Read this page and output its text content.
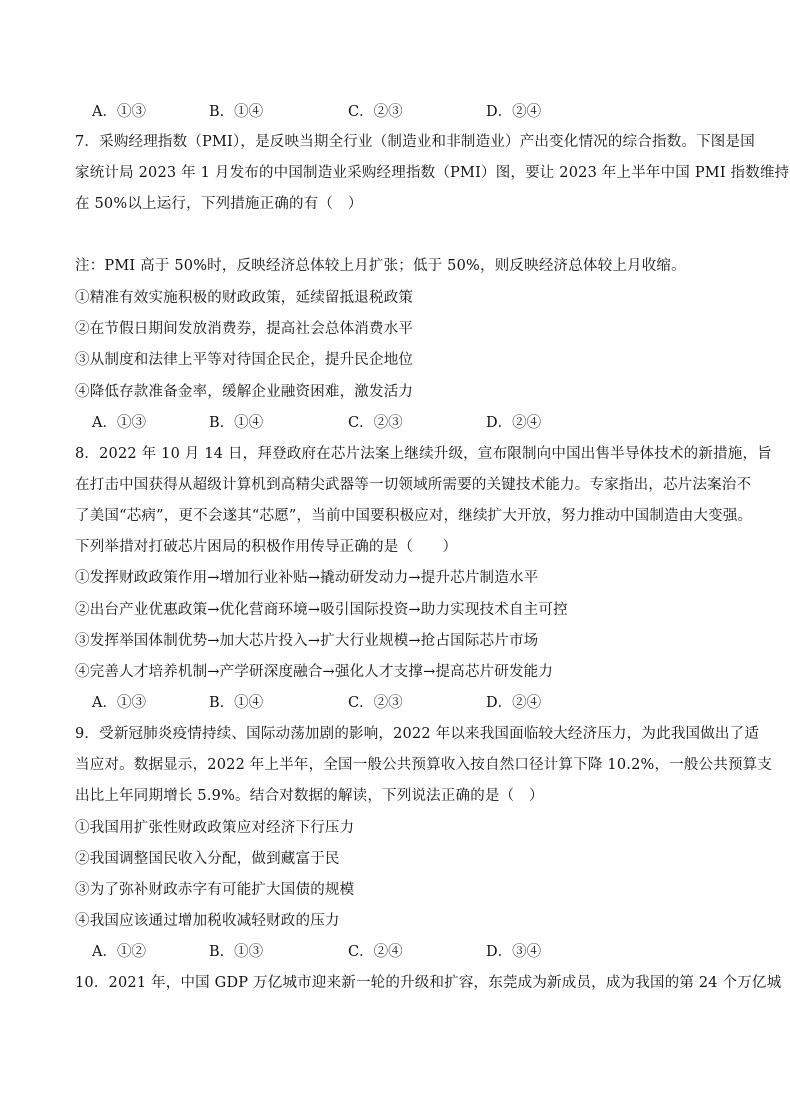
A．①③	B．①④	C．②③	D．②④
7．采购经理指数（PMI），是反映当期全行业（制造业和非制造业）产出变化情况的综合指数。下图是国
家统计局 2023 年 1 月发布的中国制造业采购经理指数（PMI）图，要让 2023 年上半年中国 PMI 指数维持
在 50%以上运行，下列措施正确的有（　）
注：PMI 高于 50%时，反映经济总体较上月扩张；低于 50%，则反映经济总体较上月收缩。
①精准有效实施积极的财政政策，延续留抵退税政策
②在节假日期间发放消费券，提高社会总体消费水平
③从制度和法律上平等对待国企民企，提升民企地位
④降低存款准备金率，缓解企业融资困难，激发活力
A．①③	B．①④	C．②③	D．②④
8．2022 年 10 月 14 日，拜登政府在芯片法案上继续升级，宣布限制向中国出售半导体技术的新措施，旨
在打击中国获得从超级计算机到高精尖武器等一切领域所需要的关键技术能力。专家指出，芯片法案治不
了美国“芯病”，更不会遂其“芯愿”，当前中国要积极应对，继续扩大开放，努力推动中国制造由大变强。
下列举措对打破芯片困局的积极作用传导正确的是（　　）
①发挥财政政策作用→增加行业补贴→撬动研发动力→提升芯片制造水平
②出台产业优惠政策→优化营商环境→吸引国际投资→助力实现技术自主可控
③发挥举国体制优势→加大芯片投入→扩大行业规模→抢占国际芯片市场
④完善人才培养机制→产学研深度融合→强化人才支撑→提高芯片研发能力
A．①③	B．①④	C．②③	D．②④
9．受新冠肺炎疫情持续、国际动荡加剧的影响，2022 年以来我国面临较大经济压力，为此我国做出了适
当应对。数据显示，2022 年上半年，全国一般公共预算收入按自然口径计算下降 10.2%，一般公共预算支
出比上年同期增长 5.9%。结合对数据的解读，下列说法正确的是（　）
①我国用扩张性财政政策应对经济下行压力
②我国调整国民收入分配，做到藏富于民
③为了弥补财政赤字有可能扩大国债的规模
④我国应该通过增加税收减轻财政的压力
A．①②	B．①③	C．②④	D．③④
10．2021 年，中国 GDP 万亿城市迎来新一轮的升级和扩容，东莞成为新成员，成为我国的第 24 个万亿城
